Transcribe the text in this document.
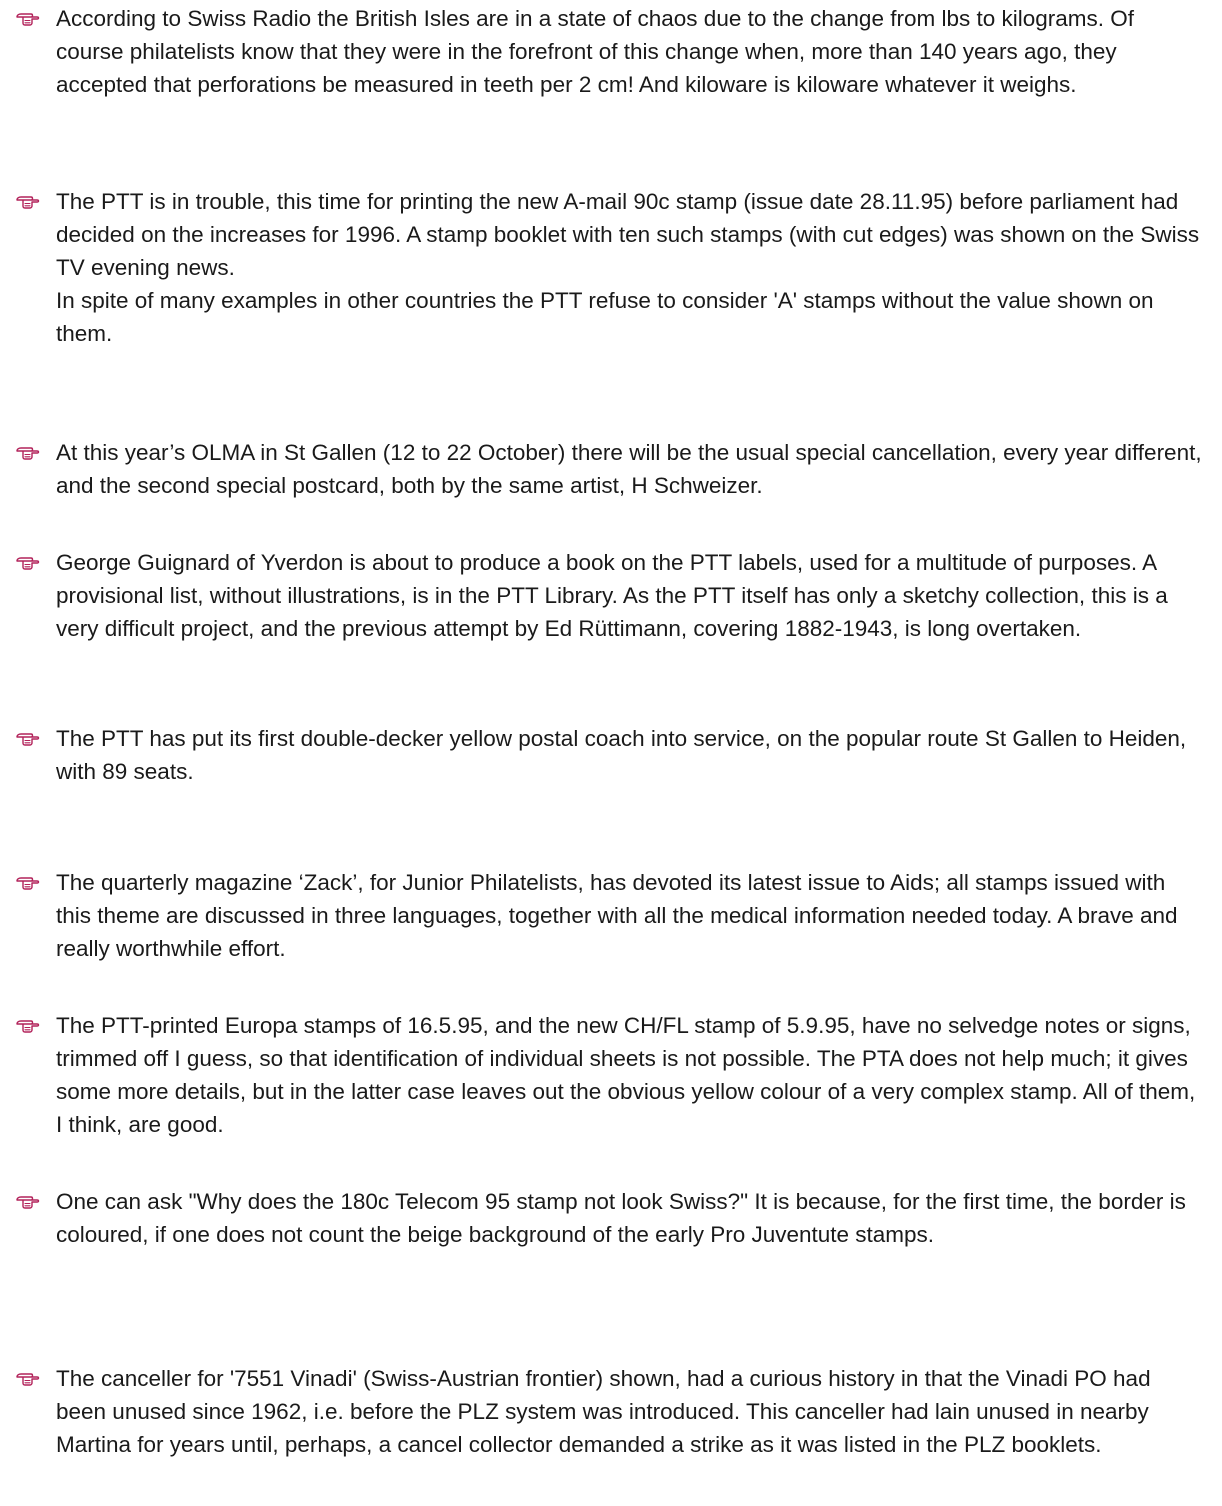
According to Swiss Radio the British Isles are in a state of chaos due to the change from lbs to kilograms. Of course philatelists know that they were in the forefront of this change when, more than 140 years ago, they accepted that perforations be measured in teeth per 2 cm! And kiloware is kiloware whatever it weighs.

The PTT is in trouble, this time for printing the new A-mail 90c stamp (issue date 28.11.95) before parliament had decided on the increases for 1996. A stamp booklet with ten such stamps (with cut edges) was shown on the Swiss TV evening news.

In spite of many examples in other countries the PTT refuse to consider 'A' stamps without the value shown on them.

At this year’s OLMA in St Gallen (12 to 22 October) there will be the usual special cancellation, every year different, and the second special postcard, both by the same artist, H Schweizer.

George Guignard of Yverdon is about to produce a book on the PTT labels, used for a multitude of purposes. A provisional list, without illustrations, is in the PTT Library. As the PTT itself has only a sketchy collection, this is a very difficult project, and the previous attempt by Ed Rüttimann, covering 1882-1943, is long overtaken.

The PTT has put its first double-decker yellow postal coach into service, on the popular route St Gallen to Heiden, with 89 seats.

The quarterly magazine ‘Zack’, for Junior Philatelists, has devoted its latest issue to Aids; all stamps issued with this theme are discussed in three languages, together with all the medical information needed today. A brave and really worthwhile effort.

The PTT-printed Europa stamps of 16.5.95, and the new CH/FL stamp of 5.9.95, have no selvedge notes or signs, trimmed off I guess, so that identification of individual sheets is not possible. The PTA does not help much; it gives some more details, but in the latter case leaves out the obvious yellow colour of a very complex stamp. All of them, I think, are good.

One can ask "Why does the 180c Telecom 95 stamp not look Swiss?" It is because, for the first time, the border is coloured, if one does not count the beige background of the early Pro Juventute stamps.

The canceller for '7551 Vinadi' (Swiss-Austrian frontier) shown, had a curious history in that the Vinadi PO had been unused since 1962, i.e. before the PLZ system was introduced. This canceller had lain unused in nearby Martina for years until, perhaps, a cancel collector demanded a strike as it was listed in the PLZ booklets.
